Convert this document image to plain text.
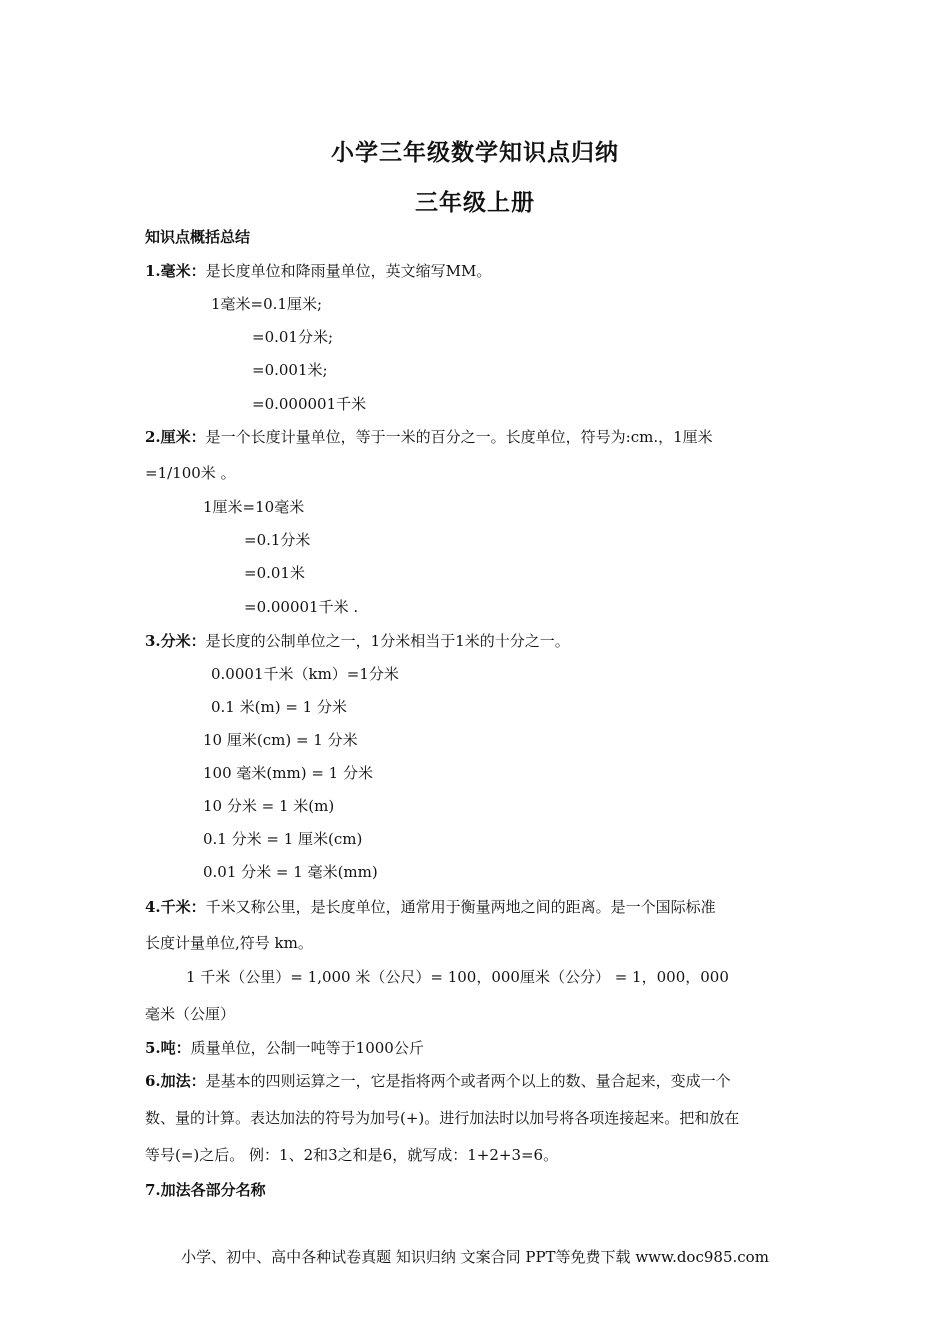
小学三年级数学知识点归纳
三年级上册
知识点概括总结
1.毫米：是长度单位和降雨量单位，英文缩写MM。
1毫米=0.1厘米;
=0.01分米;
=0.001米;
=0.000001千米
2.厘米：是一个长度计量单位，等于一米的百分之一。长度单位，符号为:cm.，1厘米
=1/100米 。
1厘米=10毫米
=0.1分米
=0.01米
=0.00001千米 .
3.分米：是长度的公制单位之一，1分米相当于1米的十分之一。
0.0001千米（km）=1分米
0.1 米(m) = 1 分米
10 厘米(cm) = 1 分米
100 毫米(mm) = 1 分米
10 分米 = 1 米(m)
0.1 分米 = 1 厘米(cm)
0.01 分米 = 1 毫米(mm)
4.千米：千米又称公里，是长度单位，通常用于衡量两地之间的距离。是一个国际标准
长度计量单位,符号 km。
1 千米（公里）= 1,000 米（公尺）= 100，000厘米（公分） = 1，000，000
毫米（公厘）
5.吨：质量单位，公制一吨等于1000公斤
6.加法：是基本的四则运算之一，它是指将两个或者两个以上的数、量合起来，变成一个
数、量的计算。表达加法的符号为加号(+)。进行加法时以加号将各项连接起来。把和放在
等号(=)之后。 例：1、2和3之和是6，就写成：1+2+3=6。
7.加法各部分名称
小学、初中、高中各种试卷真题 知识归纳 文案合同 PPT等免费下载 www.doc985.com
